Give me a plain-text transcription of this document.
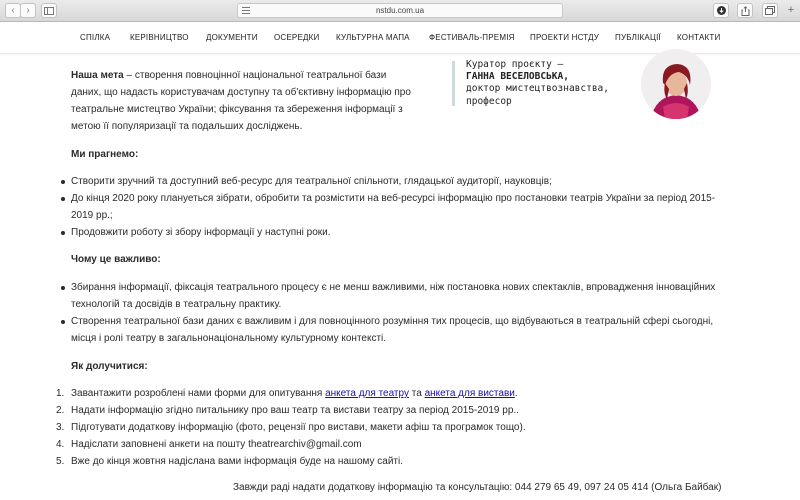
‹ ›	nstdu.com.ua	+
СПІЛКА КЕРІВНИЦТВО ДОКУМЕНТИ ОСЕРЕДКИ КУЛЬТУРНА МАПА ФЕСТИВАЛЬ-ПРЕМІЯ ПРОЕКТИ НСТДУ ПУБЛІКАЦІЇ КОНТАКТИ
Наша мета – створення повноцінної національної театральної бази
даних, що надасть користувачам доступну та об'єктивну інформацію про
театральне мистецтво України; фіксування та збереження інформації з
метою її популяризації та подальших досліджень.
Куратор проєкту –
ГАННА ВЕСЕЛОВСЬКА,
доктор мистецтвознавства,
професор
Ми прагнемо:
Створити зручний та доступний веб-ресурс для театральної спільноти, глядацької аудиторії, науковців;
До кінця 2020 року плануеться зібрати, обробити та розмістити на веб-ресурсі інформацію про постановки театрів України за період 2015-
2019 рр.;
Продовжити роботу зі збору інформації у наступні роки.
Чому це важливо:
Збирання інформації, фіксація театрального процесу є не менш важливими, ніж постановка нових спектаклів, впровадження інноваційних
технологій та досвідів в театральну практику.
Створення театральної бази даних є важливим і для повноцінного розуміння тих процесів, що відбуваються в театральній сфері сьогодні,
місця і ролі театру в загальнонаціональному культурному контексті.
Як долучитися:
1. Завантажити розроблені нами форми для опитування анкета для театру та анкета для вистави.
2. Надати інформацію згідно питальнику про ваш театр та вистави театру за період 2015-2019 рр..
3. Підготувати додаткову інформацію (фото, рецензії про вистави, макети афіш та програмок тощо).
4. Надіслати заповнені анкети на пошту theatrearchiv@gmail.com
5. Вже до кінця жовтня надіслана вами інформація буде на нашому сайті.
Завжди раді надати додаткову інформацію та консультацію: 044 279 65 49, 097 24 05 414 (Ольга Байбак)
